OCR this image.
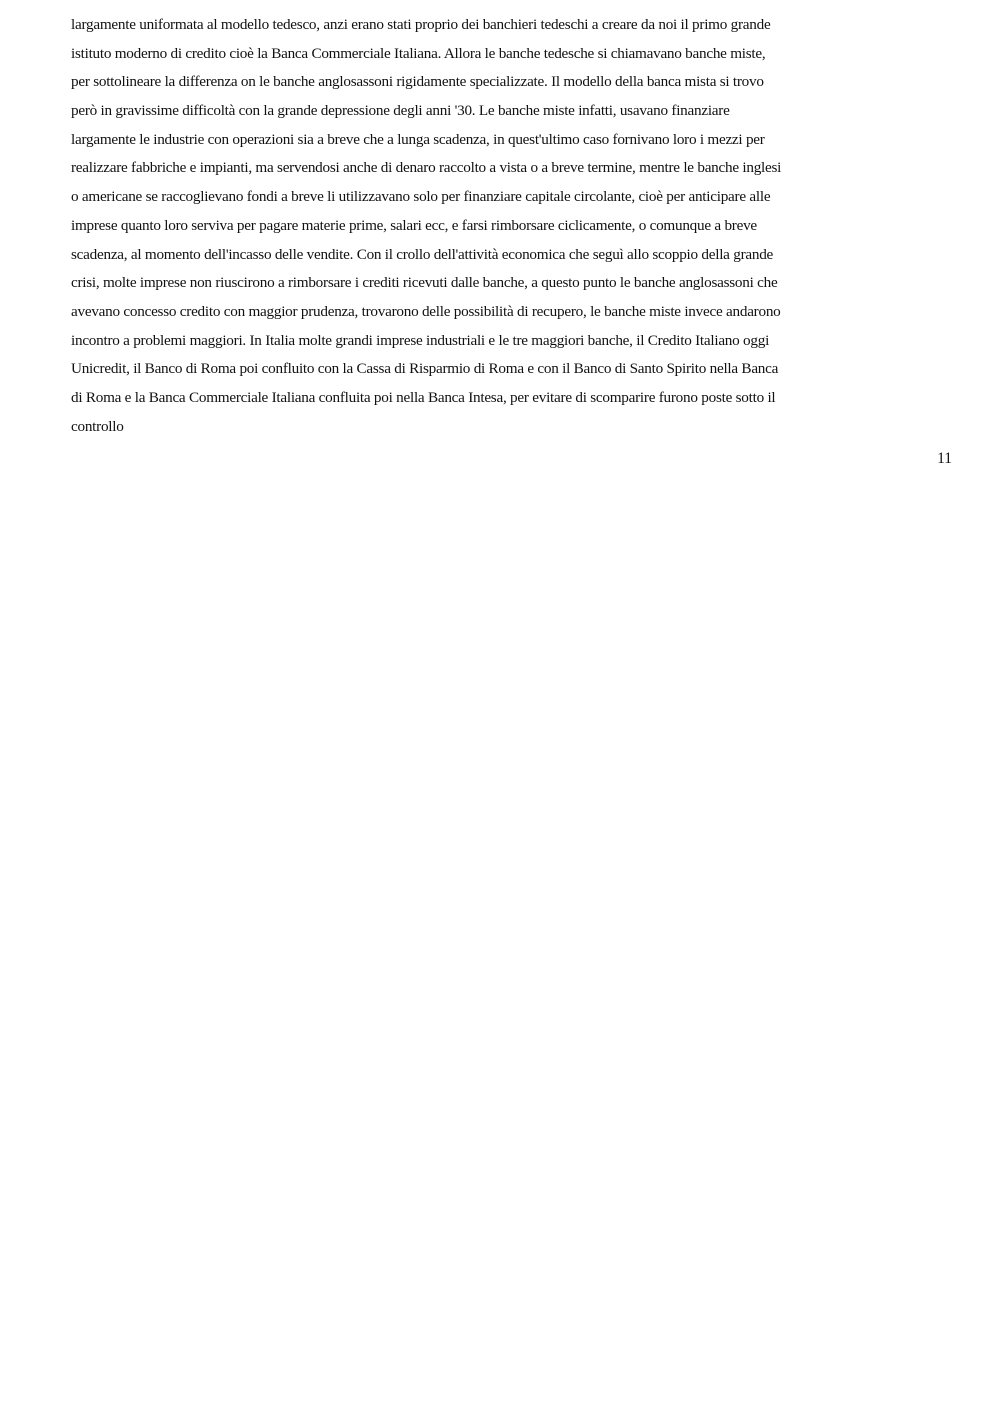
largamente uniformata al modello tedesco, anzi erano stati proprio dei banchieri tedeschi a creare da noi il primo grande
istituto moderno di credito cioè la Banca Commerciale Italiana. Allora le banche tedesche si chiamavano banche miste,
per sottolineare la differenza on le banche anglosassoni rigidamente specializzate. Il modello della banca mista si trovo
però in gravissime difficoltà con la grande depressione degli anni '30. Le banche miste infatti, usavano finanziare
largamente le industrie con operazioni sia a breve che a lunga scadenza, in quest'ultimo caso fornivano loro i mezzi per
realizzare fabbriche e impianti, ma servendosi anche di denaro raccolto a vista o a breve termine, mentre le banche inglesi
o americane se raccoglievano fondi a breve li utilizzavano solo per finanziare capitale circolante, cioè per anticipare alle
imprese quanto loro serviva per pagare materie prime, salari ecc, e farsi rimborsare ciclicamente, o comunque a breve
scadenza, al momento dell'incasso delle vendite. Con il crollo dell'attività economica che seguì allo scoppio della grande
crisi, molte imprese non riuscirono a rimborsare i crediti ricevuti dalle banche, a questo punto le banche anglosassoni che
avevano concesso credito con maggior prudenza, trovarono delle possibilità di recupero, le banche miste invece andarono
incontro a problemi maggiori. In Italia molte grandi imprese industriali e le tre maggiori banche, il Credito Italiano oggi
Unicredit, il Banco di Roma poi confluito con la Cassa di Risparmio di Roma e con il Banco di Santo Spirito nella Banca
di Roma e la Banca Commerciale Italiana confluita poi nella Banca Intesa, per evitare di scomparire furono poste sotto il
controllo

11
